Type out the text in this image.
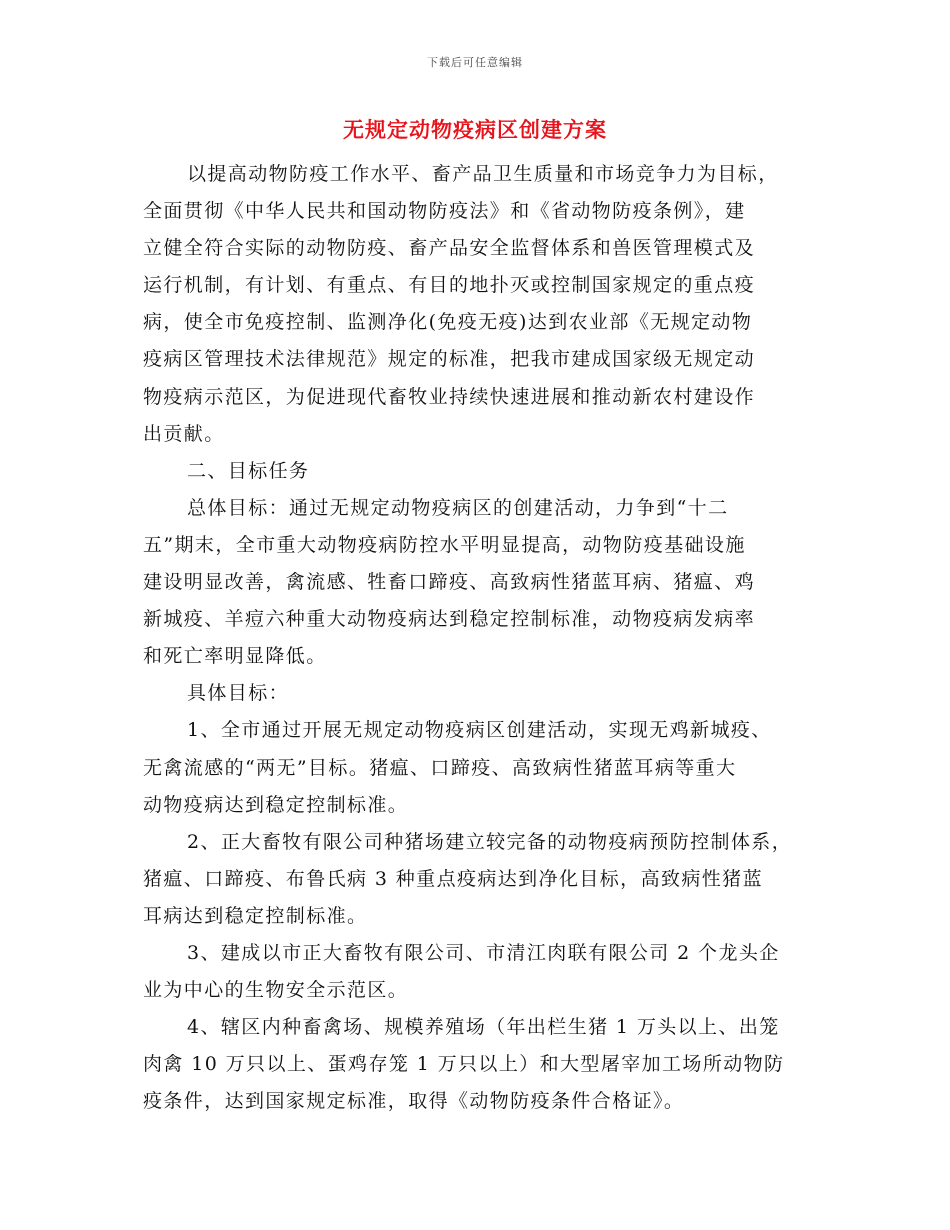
下载后可任意编辑
无规定动物疫病区创建方案
以提高动物防疫工作水平、畜产品卫生质量和市场竞争力为目标，
全面贯彻《中华人民共和国动物防疫法》和《省动物防疫条例》，建
立健全符合实际的动物防疫、畜产品安全监督体系和兽医管理模式及
运行机制，有计划、有重点、有目的地扑灭或控制国家规定的重点疫
病，使全市免疫控制、监测净化(免疫无疫)达到农业部《无规定动物
疫病区管理技术法律规范》规定的标准，把我市建成国家级无规定动
物疫病示范区，为促进现代畜牧业持续快速进展和推动新农村建设作
出贡献。
二、目标任务
总体目标：通过无规定动物疫病区的创建活动，力争到“十二
五”期末，全市重大动物疫病防控水平明显提高，动物防疫基础设施
建设明显改善，禽流感、牲畜口蹄疫、高致病性猪蓝耳病、猪瘟、鸡
新城疫、羊痘六种重大动物疫病达到稳定控制标准，动物疫病发病率
和死亡率明显降低。
具体目标：
1、全市通过开展无规定动物疫病区创建活动，实现无鸡新城疫、
无禽流感的“两无”目标。猪瘟、口蹄疫、高致病性猪蓝耳病等重大
动物疫病达到稳定控制标准。
2、正大畜牧有限公司种猪场建立较完备的动物疫病预防控制体系，
猪瘟、口蹄疫、布鲁氏病 3 种重点疫病达到净化目标，高致病性猪蓝
耳病达到稳定控制标准。
3、建成以市正大畜牧有限公司、市清江肉联有限公司 2 个龙头企
业为中心的生物安全示范区。
4、辖区内种畜禽场、规模养殖场（年出栏生猪 1 万头以上、出笼
肉禽 10 万只以上、蛋鸡存笼 1 万只以上）和大型屠宰加工场所动物防
疫条件，达到国家规定标准，取得《动物防疫条件合格证》。
